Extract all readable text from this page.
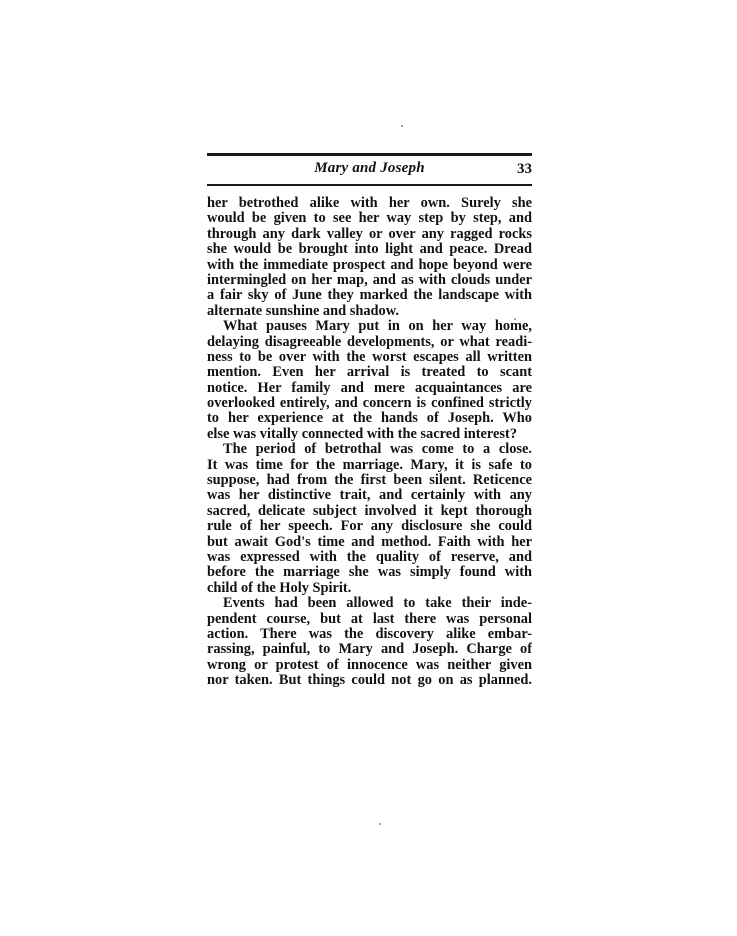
Mary and Joseph	33
her betrothed alike with her own. Surely she
would be given to see her way step by step, and
through any dark valley or over any ragged rocks
she would be brought into light and peace. Dread
with the immediate prospect and hope beyond were
intermingled on her map, and as with clouds under
a fair sky of June they marked the landscape with
alternate sunshine and shadow.
What pauses Mary put in on her way home,
delaying disagreeable developments, or what readi-
ness to be over with the worst escapes all written
mention. Even her arrival is treated to scant
notice. Her family and mere acquaintances are
overlooked entirely, and concern is confined strictly
to her experience at the hands of Joseph. Who
else was vitally connected with the sacred interest?
The period of betrothal was come to a close.
It was time for the marriage. Mary, it is safe to
suppose, had from the first been silent. Reticence
was her distinctive trait, and certainly with any
sacred, delicate subject involved it kept thorough
rule of her speech. For any disclosure she could
but await God's time and method. Faith with her
was expressed with the quality of reserve, and
before the marriage she was simply found with
child of the Holy Spirit.
Events had been allowed to take their inde-
pendent course, but at last there was personal
action. There was the discovery alike embar-
rassing, painful, to Mary and Joseph. Charge of
wrong or protest of innocence was neither given
nor taken. But things could not go on as planned.
